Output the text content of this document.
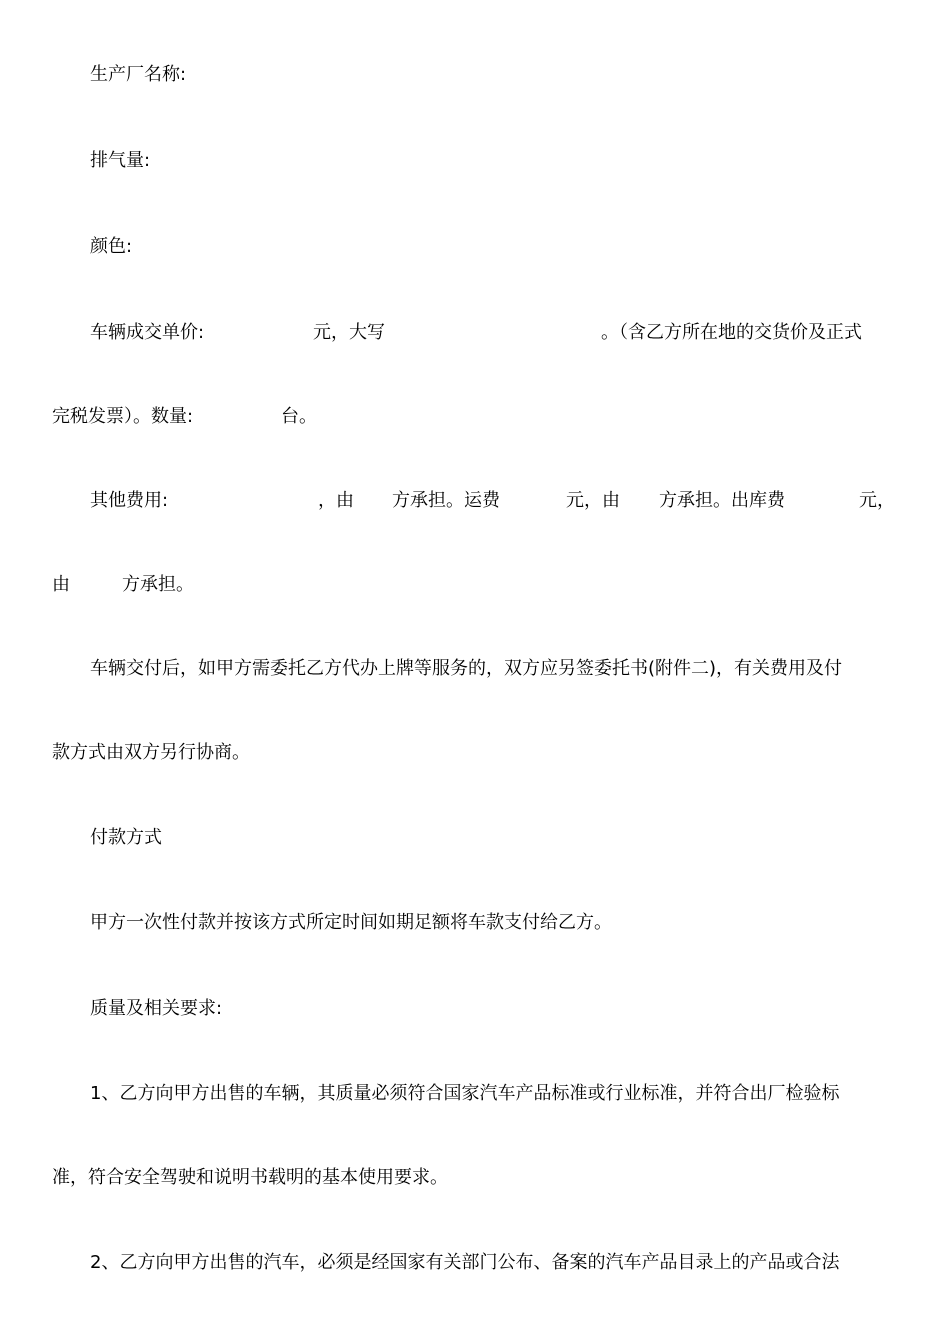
生产厂名称:
排气量:
颜色:
车辆成交单价:	元，大写	。（含乙方所在地的交货价及正式
完税发票）。数量:	台。
其他费用:	，由 方承担。运费	元，由 方承担。出库费	元，
由	方承担。
车辆交付后，如甲方需委托乙方代办上牌等服务的，双方应另签委托书(附件二)，有关费用及付
款方式由双方另行协商。
付款方式
甲方一次性付款并按该方式所定时间如期足额将车款支付给乙方。
质量及相关要求:
1、乙方向甲方出售的车辆，其质量必须符合国家汽车产品标准或行业标准，并符合出厂检验标
准，符合安全驾驶和说明书载明的基本使用要求。
2、乙方向甲方出售的汽车，必须是经国家有关部门公布、备案的汽车产品目录上的产品或合法
